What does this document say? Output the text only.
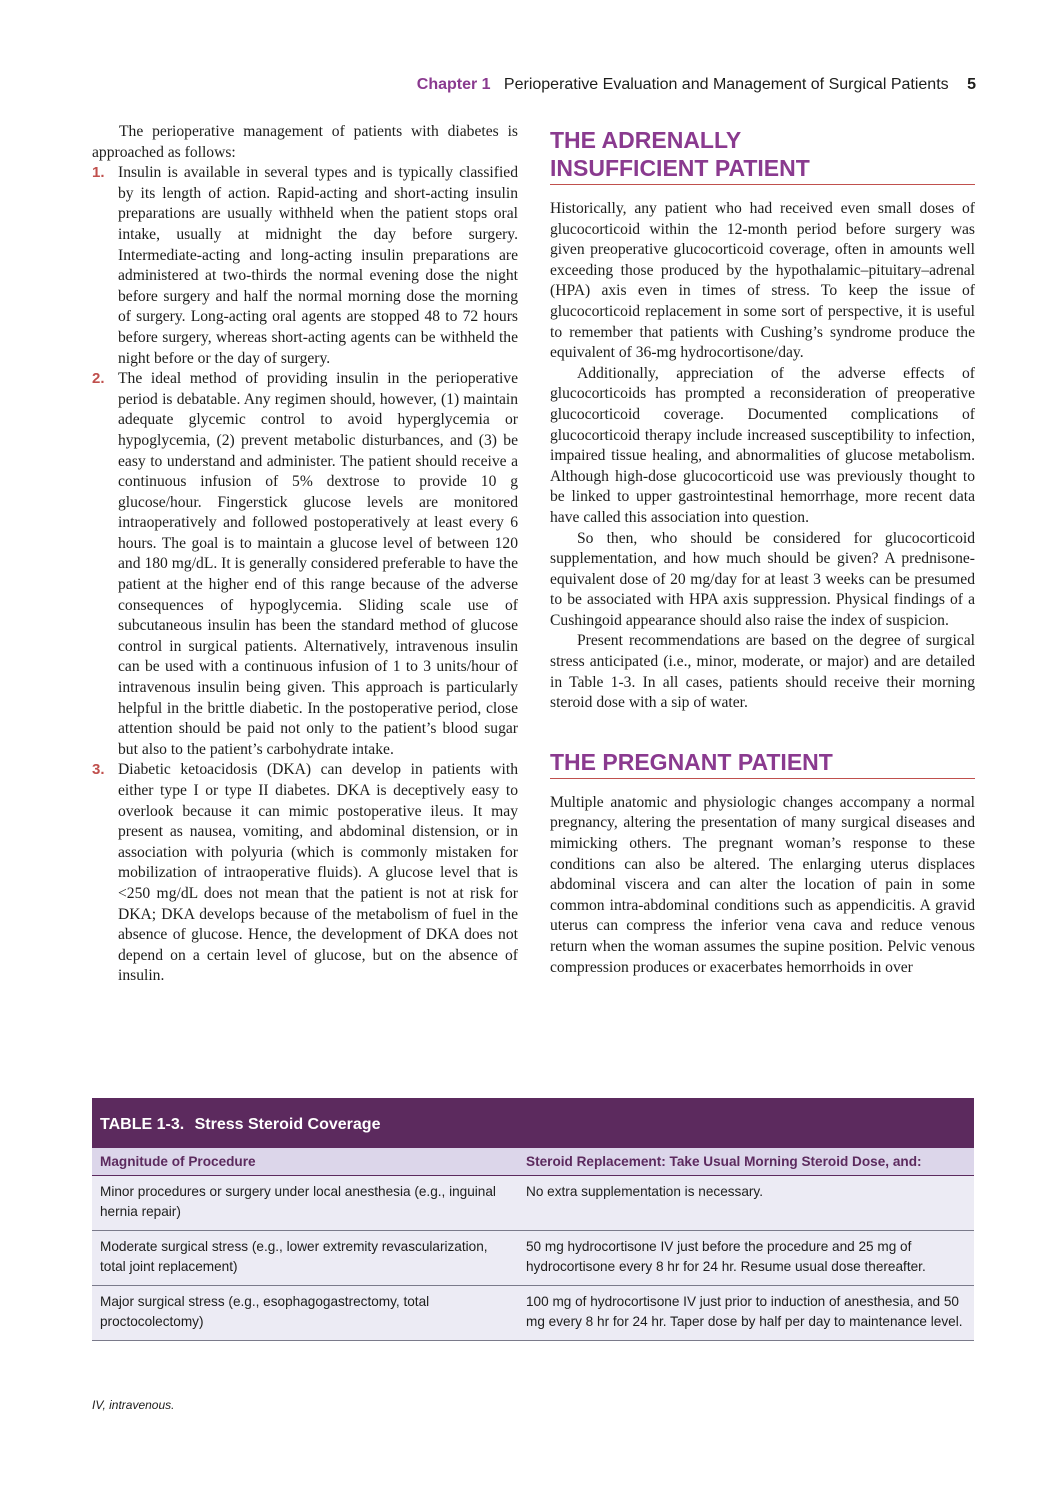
Chapter 1 Perioperative Evaluation and Management of Surgical Patients 5

The perioperative management of patients with diabetes is approached as follows:

1. Insulin is available in several types and is typically classified by its length of action. Rapid-acting and short-acting insulin preparations are usually withheld when the patient stops oral intake, usually at midnight the day before surgery. Intermediate-acting and long-acting insulin preparations are administered at two-thirds the normal evening dose the night before surgery and half the normal morning dose the morning of surgery. Long-acting oral agents are stopped 48 to 72 hours before surgery, whereas short-acting agents can be withheld the night before or the day of surgery.
2. The ideal method of providing insulin in the perioperative period is debatable. Any regimen should, however, (1) maintain adequate glycemic control to avoid hyperglycemia or hypoglycemia, (2) prevent metabolic disturbances, and (3) be easy to understand and administer. The patient should receive a continuous infusion of 5% dextrose to provide 10 g glucose/hour. Fingerstick glucose levels are monitored intraoperatively and followed postoperatively at least every 6 hours. The goal is to maintain a glucose level of between 120 and 180 mg/dL. It is generally considered preferable to have the patient at the higher end of this range because of the adverse consequences of hypoglycemia. Sliding scale use of subcutaneous insulin has been the standard method of glucose control in surgical patients. Alternatively, intravenous insulin can be used with a continuous infusion of 1 to 3 units/hour of intravenous insulin being given. This approach is particularly helpful in the brittle diabetic. In the postoperative period, close attention should be paid not only to the patient’s blood sugar but also to the patient’s carbohydrate intake.
3. Diabetic ketoacidosis (DKA) can develop in patients with either type I or type II diabetes. DKA is deceptively easy to overlook because it can mimic postoperative ileus. It may present as nausea, vomiting, and abdominal distension, or in association with polyuria (which is commonly mistaken for mobilization of intraoperative fluids). A glucose level that is <250 mg/dL does not mean that the patient is not at risk for DKA; DKA develops because of the metabolism of fuel in the absence of glucose. Hence, the development of DKA does not depend on a certain level of glucose, but on the absence of insulin.
THE ADRENALLY
INSUFFICIENT PATIENT

Historically, any patient who had received even small doses of glucocorticoid within the 12-month period before surgery was given preoperative glucocorticoid coverage, often in amounts well exceeding those produced by the hypothalamic–pituitary–adrenal (HPA) axis even in times of stress. To keep the issue of glucocorticoid replacement in some sort of perspective, it is useful to remember that patients with Cushing’s syndrome produce the equivalent of 36-mg hydrocortisone/day.

Additionally, appreciation of the adverse effects of glucocorticoids has prompted a reconsideration of preoperative glucocorticoid coverage. Documented complications of glucocorticoid therapy include increased susceptibility to infection, impaired tissue healing, and abnormalities of glucose metabolism. Although high-dose glucocorticoid use was previously thought to be linked to upper gastrointestinal hemorrhage, more recent data have called this association into question.

So then, who should be considered for glucocorticoid supplementation, and how much should be given? A prednisone-equivalent dose of 20 mg/day for at least 3 weeks can be presumed to be associated with HPA axis suppression. Physical findings of a Cushingoid appearance should also raise the index of suspicion.

Present recommendations are based on the degree of surgical stress anticipated (i.e., minor, moderate, or major) and are detailed in Table 1-3. In all cases, patients should receive their morning steroid dose with a sip of water.

THE PREGNANT PATIENT

Multiple anatomic and physiologic changes accompany a normal pregnancy, altering the presentation of many surgical diseases and mimicking others. The pregnant woman’s response to these conditions can also be altered. The enlarging uterus displaces abdominal viscera and can alter the location of pain in some common intra-abdominal conditions such as appendicitis. A gravid uterus can compress the inferior vena cava and reduce venous return when the woman assumes the supine position. Pelvic venous compression produces or exacerbates hemorrhoids in over

TABLE 1-3. Stress Steroid Coverage
Magnitude of Procedure	Steroid Replacement: Take Usual Morning Steroid Dose, and:
Minor procedures or surgery under local anesthesia (e.g., inguinal hernia repair)	No extra supplementation is necessary.
Moderate surgical stress (e.g., lower extremity revascularization, total joint replacement)	50 mg hydrocortisone IV just before the procedure and 25 mg of hydrocortisone every 8 hr for 24 hr. Resume usual dose thereafter.
Major surgical stress (e.g., esophagogastrectomy, total proctocolectomy)	100 mg of hydrocortisone IV just prior to induction of anesthesia, and 50 mg every 8 hr for 24 hr. Taper dose by half per day to maintenance level.
IV, intravenous.
